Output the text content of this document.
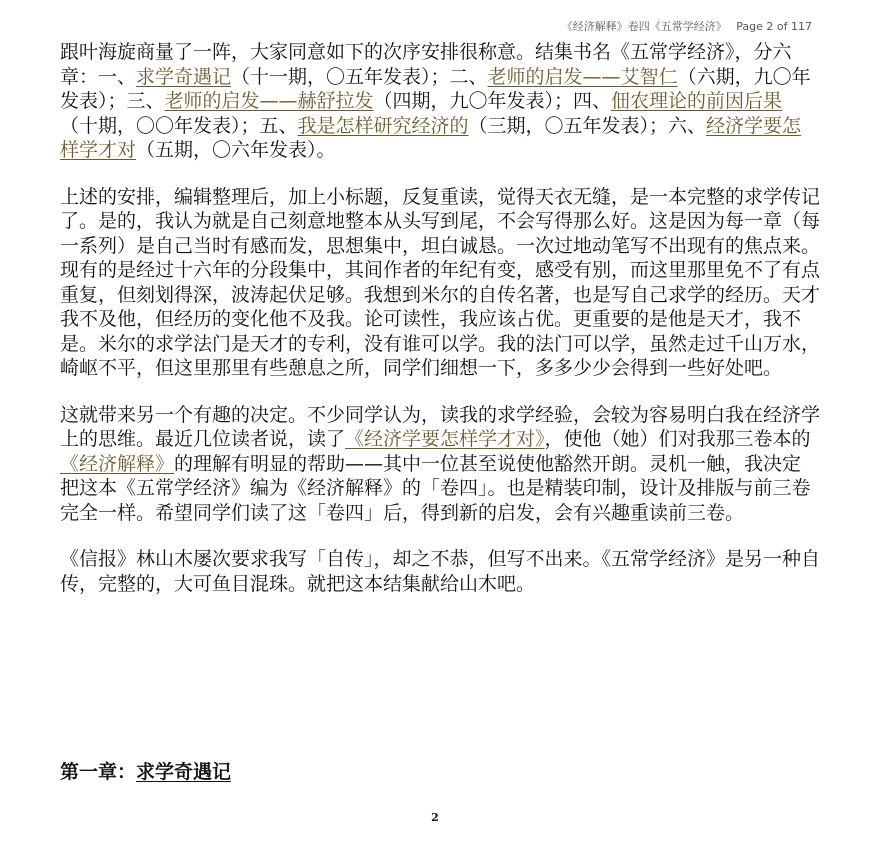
《经济解释》卷四《五常学经济》 Page 2 of 117

跟叶海旋商量了一阵，大家同意如下的次序安排很称意。结集书名《五常学经济》，分六章：一、求学奇遇记（十一期，〇五年发表）；二、老师的启发——艾智仁（六期，九〇年发表）；三、老师的启发——赫舒拉发（四期，九〇年发表）；四、佃农理论的前因后果（十期，〇〇年发表）；五、我是怎样研究经济的（三期，〇五年发表）；六、经济学要怎样学才对（五期，〇六年发表）。

上述的安排，编辑整理后，加上小标题，反复重读，觉得天衣无缝，是一本完整的求学传记了。是的，我认为就是自己刻意地整本从头写到尾，不会写得那么好。这是因为每一章（每一系列）是自己当时有感而发，思想集中，坦白诚恳。一次过地动笔写不出现有的焦点来。现有的是经过十六年的分段集中，其间作者的年纪有变，感受有别，而这里那里免不了有点重复，但刻划得深，波涛起伏足够。我想到米尔的自传名著，也是写自己求学的经历。天才我不及他，但经历的变化他不及我。论可读性，我应该占优。更重要的是他是天才，我不是。米尔的求学法门是天才的专利，没有谁可以学。我的法门可以学，虽然走过千山万水，崎岖不平，但这里那里有些憩息之所，同学们细想一下，多多少少会得到一些好处吧。

这就带来另一个有趣的决定。不少同学认为，读我的求学经验，会较为容易明白我在经济学上的思维。最近几位读者说，读了《经济学要怎样学才对》，使他（她）们对我那三卷本的《经济解释》的理解有明显的帮助——其中一位甚至说使他豁然开朗。灵机一触，我决定把这本《五常学经济》编为《经济解释》的「卷四」。也是精装印制，设计及排版与前三卷完全一样。希望同学们读了这「卷四」后，得到新的启发，会有兴趣重读前三卷。

《信报》林山木屡次要求我写「自传」，却之不恭，但写不出来。《五常学经济》是另一种自传，完整的，大可鱼目混珠。就把这本结集献给山木吧。

第一章：求学奇遇记
2
